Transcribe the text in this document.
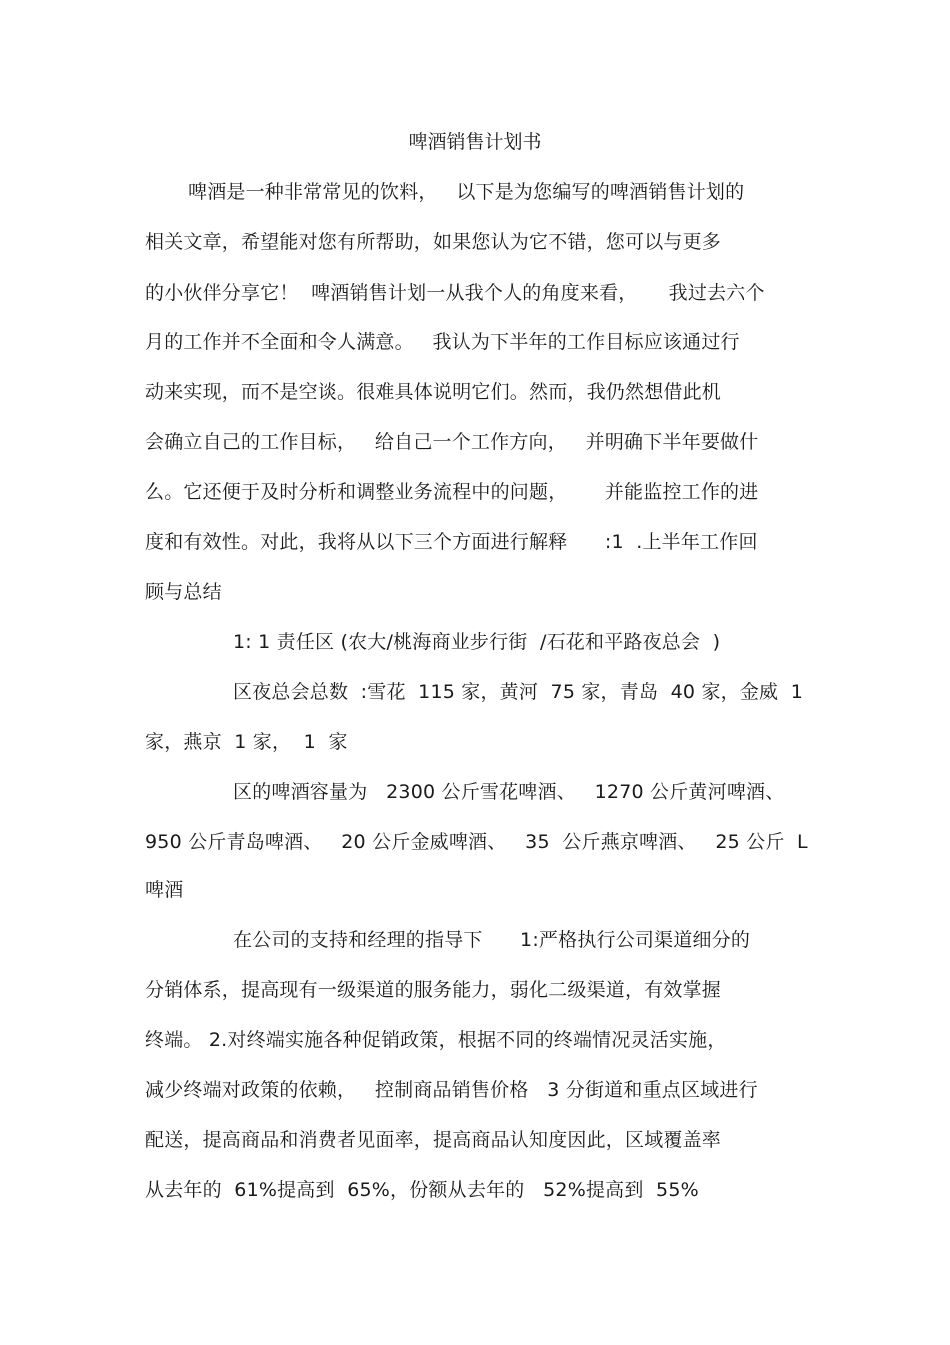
啤酒销售计划书
啤酒是一种非常常见的饮料，   以下是为您编写的啤酒销售计划的
相关文章，希望能对您有所帮助，如果您认为它不错，您可以与更多
的小伙伴分享它！  啤酒销售计划一从我个人的角度来看，     我过去六个
月的工作并不全面和令人满意。   我认为下半年的工作目标应该通过行
动来实现，而不是空谈。很难具体说明它们。然而，我仍然想借此机
会确立自己的工作目标，   给自己一个工作方向，   并明确下半年要做什
么。它还便于及时分析和调整业务流程中的问题，      并能监控工作的进
度和有效性。对此，我将从以下三个方面进行解释      :1  .上半年工作回
顾与总结
1: 1 责任区 (农大/桃海商业步行街  /石花和平路夜总会  )
区夜总会总数  :雪花  115 家，黄河  75 家，青岛  40 家，金威  1
家，燕京  1 家，  1  家
区的啤酒容量为   2300 公斤雪花啤酒、   1270 公斤黄河啤酒、
950 公斤青岛啤酒、   20 公斤金威啤酒、   35  公斤燕京啤酒、   25 公斤  L
啤酒
在公司的支持和经理的指导下      1:严格执行公司渠道细分的
分销体系，提高现有一级渠道的服务能力，弱化二级渠道，有效掌握
终端。 2.对终端实施各种促销政策，根据不同的终端情况灵活实施，
减少终端对政策的依赖，   控制商品销售价格   3 分街道和重点区域进行
配送，提高商品和消费者见面率，提高商品认知度因此，区域覆盖率
从去年的  61%提高到  65%，份额从去年的   52%提高到  55%
